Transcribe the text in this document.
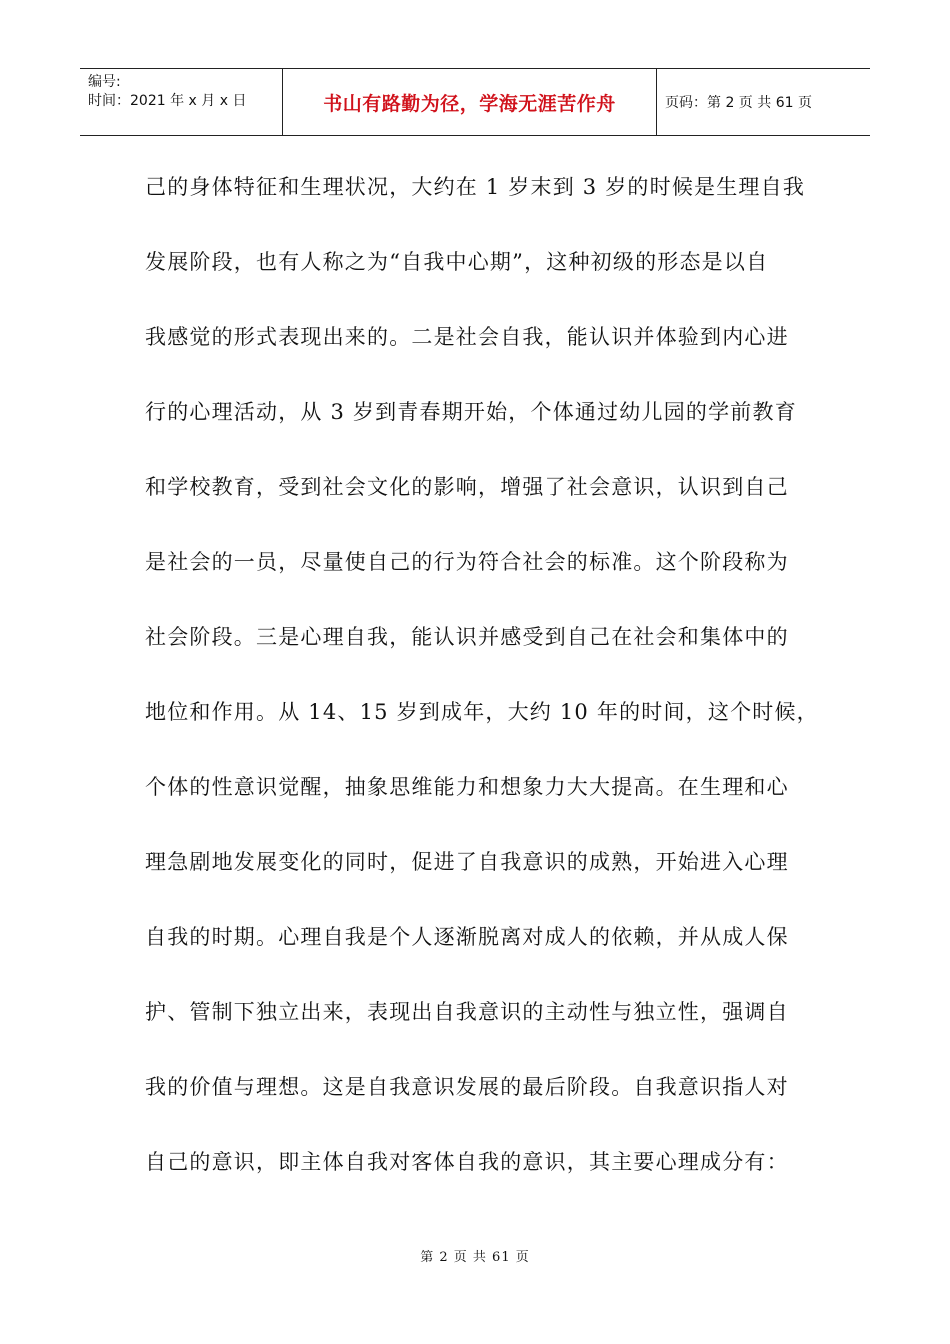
编号:
时间：2021 年 x 月 x 日	书山有路勤为径，学海无涯苦作舟	页码：第 2 页 共 61 页
己的身体特征和生理状况，大约在 1 岁末到 3 岁的时候是生理自我
发展阶段，也有人称之为“自我中心期”，这种初级的形态是以自
我感觉的形式表现出来的。二是社会自我，能认识并体验到内心进
行的心理活动，从 3 岁到青春期开始，个体通过幼儿园的学前教育
和学校教育，受到社会文化的影响，增强了社会意识，认识到自己
是社会的一员，尽量使自己的行为符合社会的标准。这个阶段称为
社会阶段。三是心理自我，能认识并感受到自己在社会和集体中的
地位和作用。从 14、15 岁到成年，大约 10 年的时间，这个时候，
个体的性意识觉醒，抽象思维能力和想象力大大提高。在生理和心
理急剧地发展变化的同时，促进了自我意识的成熟，开始进入心理
自我的时期。心理自我是个人逐渐脱离对成人的依赖，并从成人保
护、管制下独立出来，表现出自我意识的主动性与独立性，强调自
我的价值与理想。这是自我意识发展的最后阶段。自我意识指人对
自己的意识，即主体自我对客体自我的意识，其主要心理成分有：
第 2 页 共 61 页
